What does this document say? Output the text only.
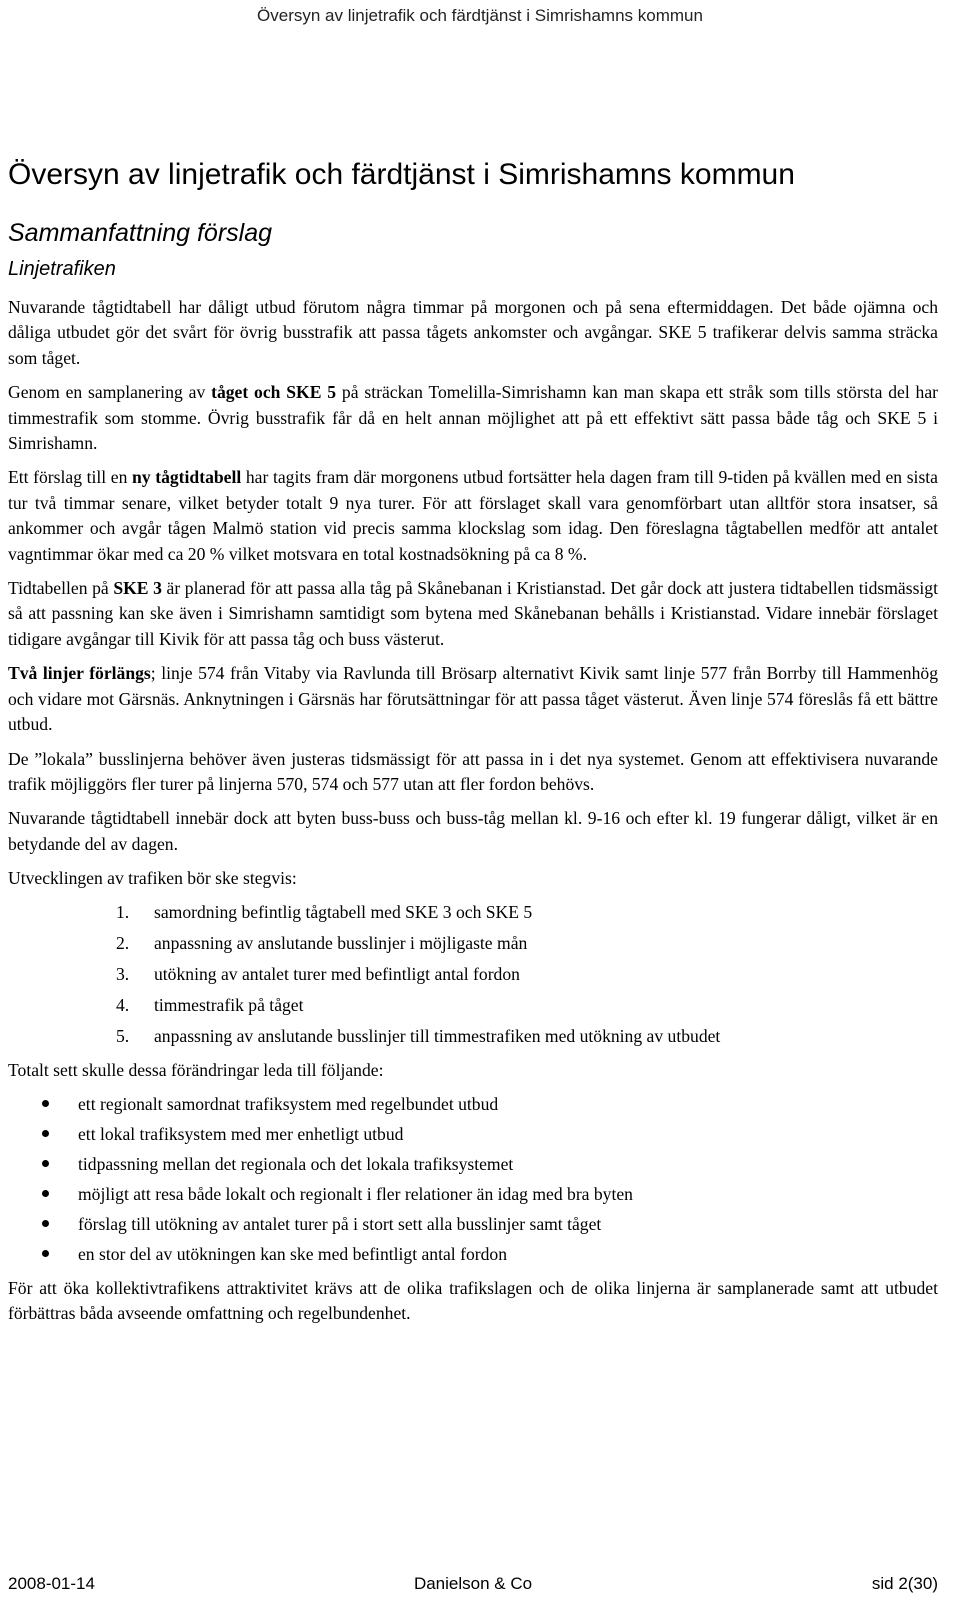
Översyn av linjetrafik och färdtjänst i Simrishamns kommun
Översyn av linjetrafik och färdtjänst i Simrishamns kommun
Sammanfattning förslag
Linjetrafiken

Nuvarande tågtidtabell har dåligt utbud förutom några timmar på morgonen och på sena eftermiddagen. Det både ojämna och dåliga utbudet gör det svårt för övrig busstrafik att passa tågets ankomster och avgångar. SKE 5 trafikerar delvis samma sträcka som tåget.

Genom en samplanering av tåget och SKE 5 på sträckan Tomelilla-Simrishamn kan man skapa ett stråk som tills största del har timmestrafik som stomme. Övrig busstrafik får då en helt annan möjlighet att på ett effektivt sätt passa både tåg och SKE 5 i Simrishamn.

Ett förslag till en ny tågtidtabell har tagits fram där morgonens utbud fortsätter hela dagen fram till 9-tiden på kvällen med en sista tur två timmar senare, vilket betyder totalt 9 nya turer. För att förslaget skall vara genomförbart utan alltför stora insatser, så ankommer och avgår tågen Malmö station vid precis samma klockslag som idag. Den föreslagna tågtabellen medför att antalet vagntimmar ökar med ca 20 % vilket motsvara en total kostnadsökning på ca 8 %.

Tidtabellen på SKE 3 är planerad för att passa alla tåg på Skånebanan i Kristianstad. Det går dock att justera tidtabellen tidsmässigt så att passning kan ske även i Simrishamn samtidigt som bytena med Skånebanan behålls i Kristianstad. Vidare innebär förslaget tidigare avgångar till Kivik för att passa tåg och buss västerut.

Två linjer förlängs; linje 574 från Vitaby via Ravlunda till Brösarp alternativt Kivik samt linje 577 från Borrby till Hammenhög och vidare mot Gärsnäs. Anknytningen i Gärsnäs har förutsättningar för att passa tåget västerut. Även linje 574 föreslås få ett bättre utbud.

De ”lokala” busslinjerna behöver även justeras tidsmässigt för att passa in i det nya systemet. Genom att effektivisera nuvarande trafik möjliggörs fler turer på linjerna 570, 574 och 577 utan att fler fordon behövs.

Nuvarande tågtidtabell innebär dock att byten buss-buss och buss-tåg mellan kl. 9-16 och efter kl. 19 fungerar dåligt, vilket är en betydande del av dagen.

Utvecklingen av trafiken bör ske stegvis:

1.	samordning befintlig tågtabell med SKE 3 och SKE 5
2.	anpassning av anslutande busslinjer i möjligaste mån
3.	utökning av antalet turer med befintligt antal fordon
4.	timmestrafik på tåget
5.	anpassning av anslutande busslinjer till timmestrafiken med utökning av utbudet

Totalt sett skulle dessa förändringar leda till följande:

ett regionalt samordnat trafiksystem med regelbundet utbud
ett lokal trafiksystem med mer enhetligt utbud
tidpassning mellan det regionala och det lokala trafiksystemet
möjligt att resa både lokalt och regionalt i fler relationer än idag med bra byten
förslag till utökning av antalet turer på i stort sett alla busslinjer samt tåget
en stor del av utökningen kan ske med befintligt antal fordon

För att öka kollektivtrafikens attraktivitet krävs att de olika trafikslagen och de olika linjerna är samplanerade samt att utbudet förbättras båda avseende omfattning och regelbundenhet.

2008-01-14	Danielson & Co	sid 2(30)
